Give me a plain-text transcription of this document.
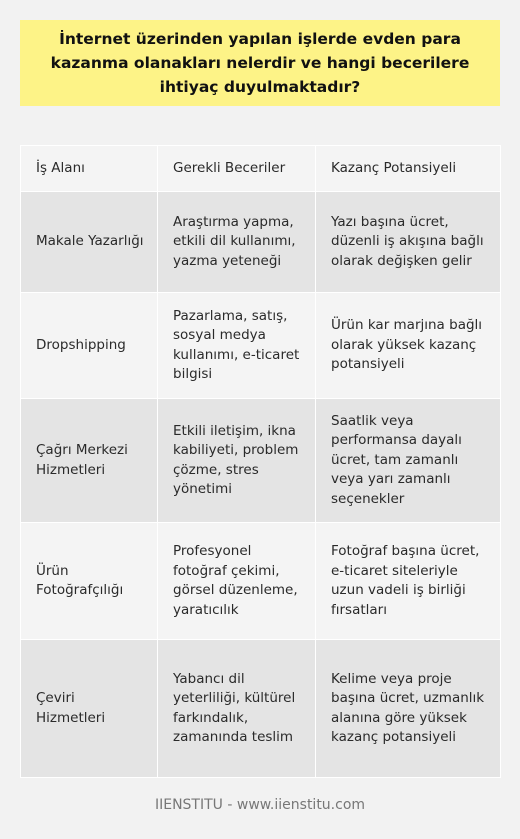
İnternet üzerinden yapılan işlerde evden para kazanma olanakları nelerdir ve hangi becerilere ihtiyaç duyulmaktadır?
İş Alanı	Gerekli Beceriler	Kazanç Potansiyeli
Makale Yazarlığı	Araştırma yapma, etkili dil kullanımı, yazma yeteneği	Yazı başına ücret, düzenli iş akışına bağlı olarak değişken gelir
Dropshipping	Pazarlama, satış, sosyal medya kullanımı, e-ticaret bilgisi	Ürün kar marjına bağlı olarak yüksek kazanç potansiyeli
Çağrı Merkezi Hizmetleri	Etkili iletişim, ikna kabiliyeti, problem çözme, stres yönetimi	Saatlik veya performansa dayalı ücret, tam zamanlı veya yarı zamanlı seçenekler
Ürün Fotoğrafçılığı	Profesyonel fotoğraf çekimi, görsel düzenleme, yaratıcılık	Fotoğraf başına ücret, e-ticaret siteleriyle uzun vadeli iş birliği fırsatları
Çeviri Hizmetleri	Yabancı dil yeterliliği, kültürel farkındalık, zamanında teslim	Kelime veya proje başına ücret, uzmanlık alanına göre yüksek kazanç potansiyeli
IIENSTITU - www.iienstitu.com
